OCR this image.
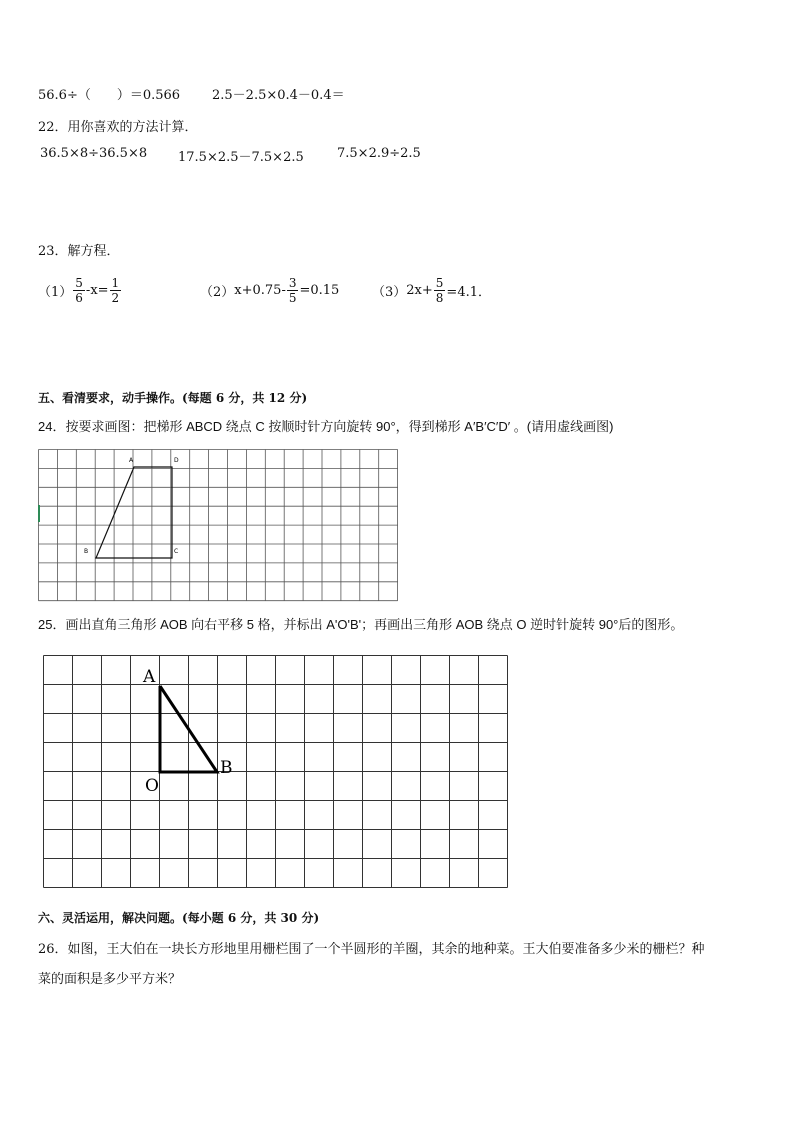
56.6÷（　　）＝0.566 2.5－2.5×0.4－0.4＝
22．用你喜欢的方法计算．
36.5×8÷36.5×8 17.5×2.5－7.5×2.5	7.5×2.9÷2.5
23．解方程．
$(1) \frac{5}{6} -x= \frac{1}{2}$	（2） $x+0.75- \frac{3}{5} =0.15$	（3） $2x+ \frac{5}{8} =4.1$．
五、看清要求，动手操作。(每题 6 分，共 12 分)
24．按要求画图：把梯形 ABCD 绕点 C 按顺时针方向旋转 90°，得到梯形 A′B′C′D′ 。(请用虚线画图)
A	D
B	C
25．画出直角三角形 AOB 向右平移 5 格，并标出 A'O'B'；再画出三角形 AOB 绕点 O 逆时针旋转 90°后的图形。
A
B
O
六、灵活运用，解决问题。(每小题 6 分，共 30 分)
26．如图，王大伯在一块长方形地里用栅栏围了一个半圆形的羊圈，其余的地种菜。王大伯要准备多少米的栅栏？种
菜的面积是多少平方米？
